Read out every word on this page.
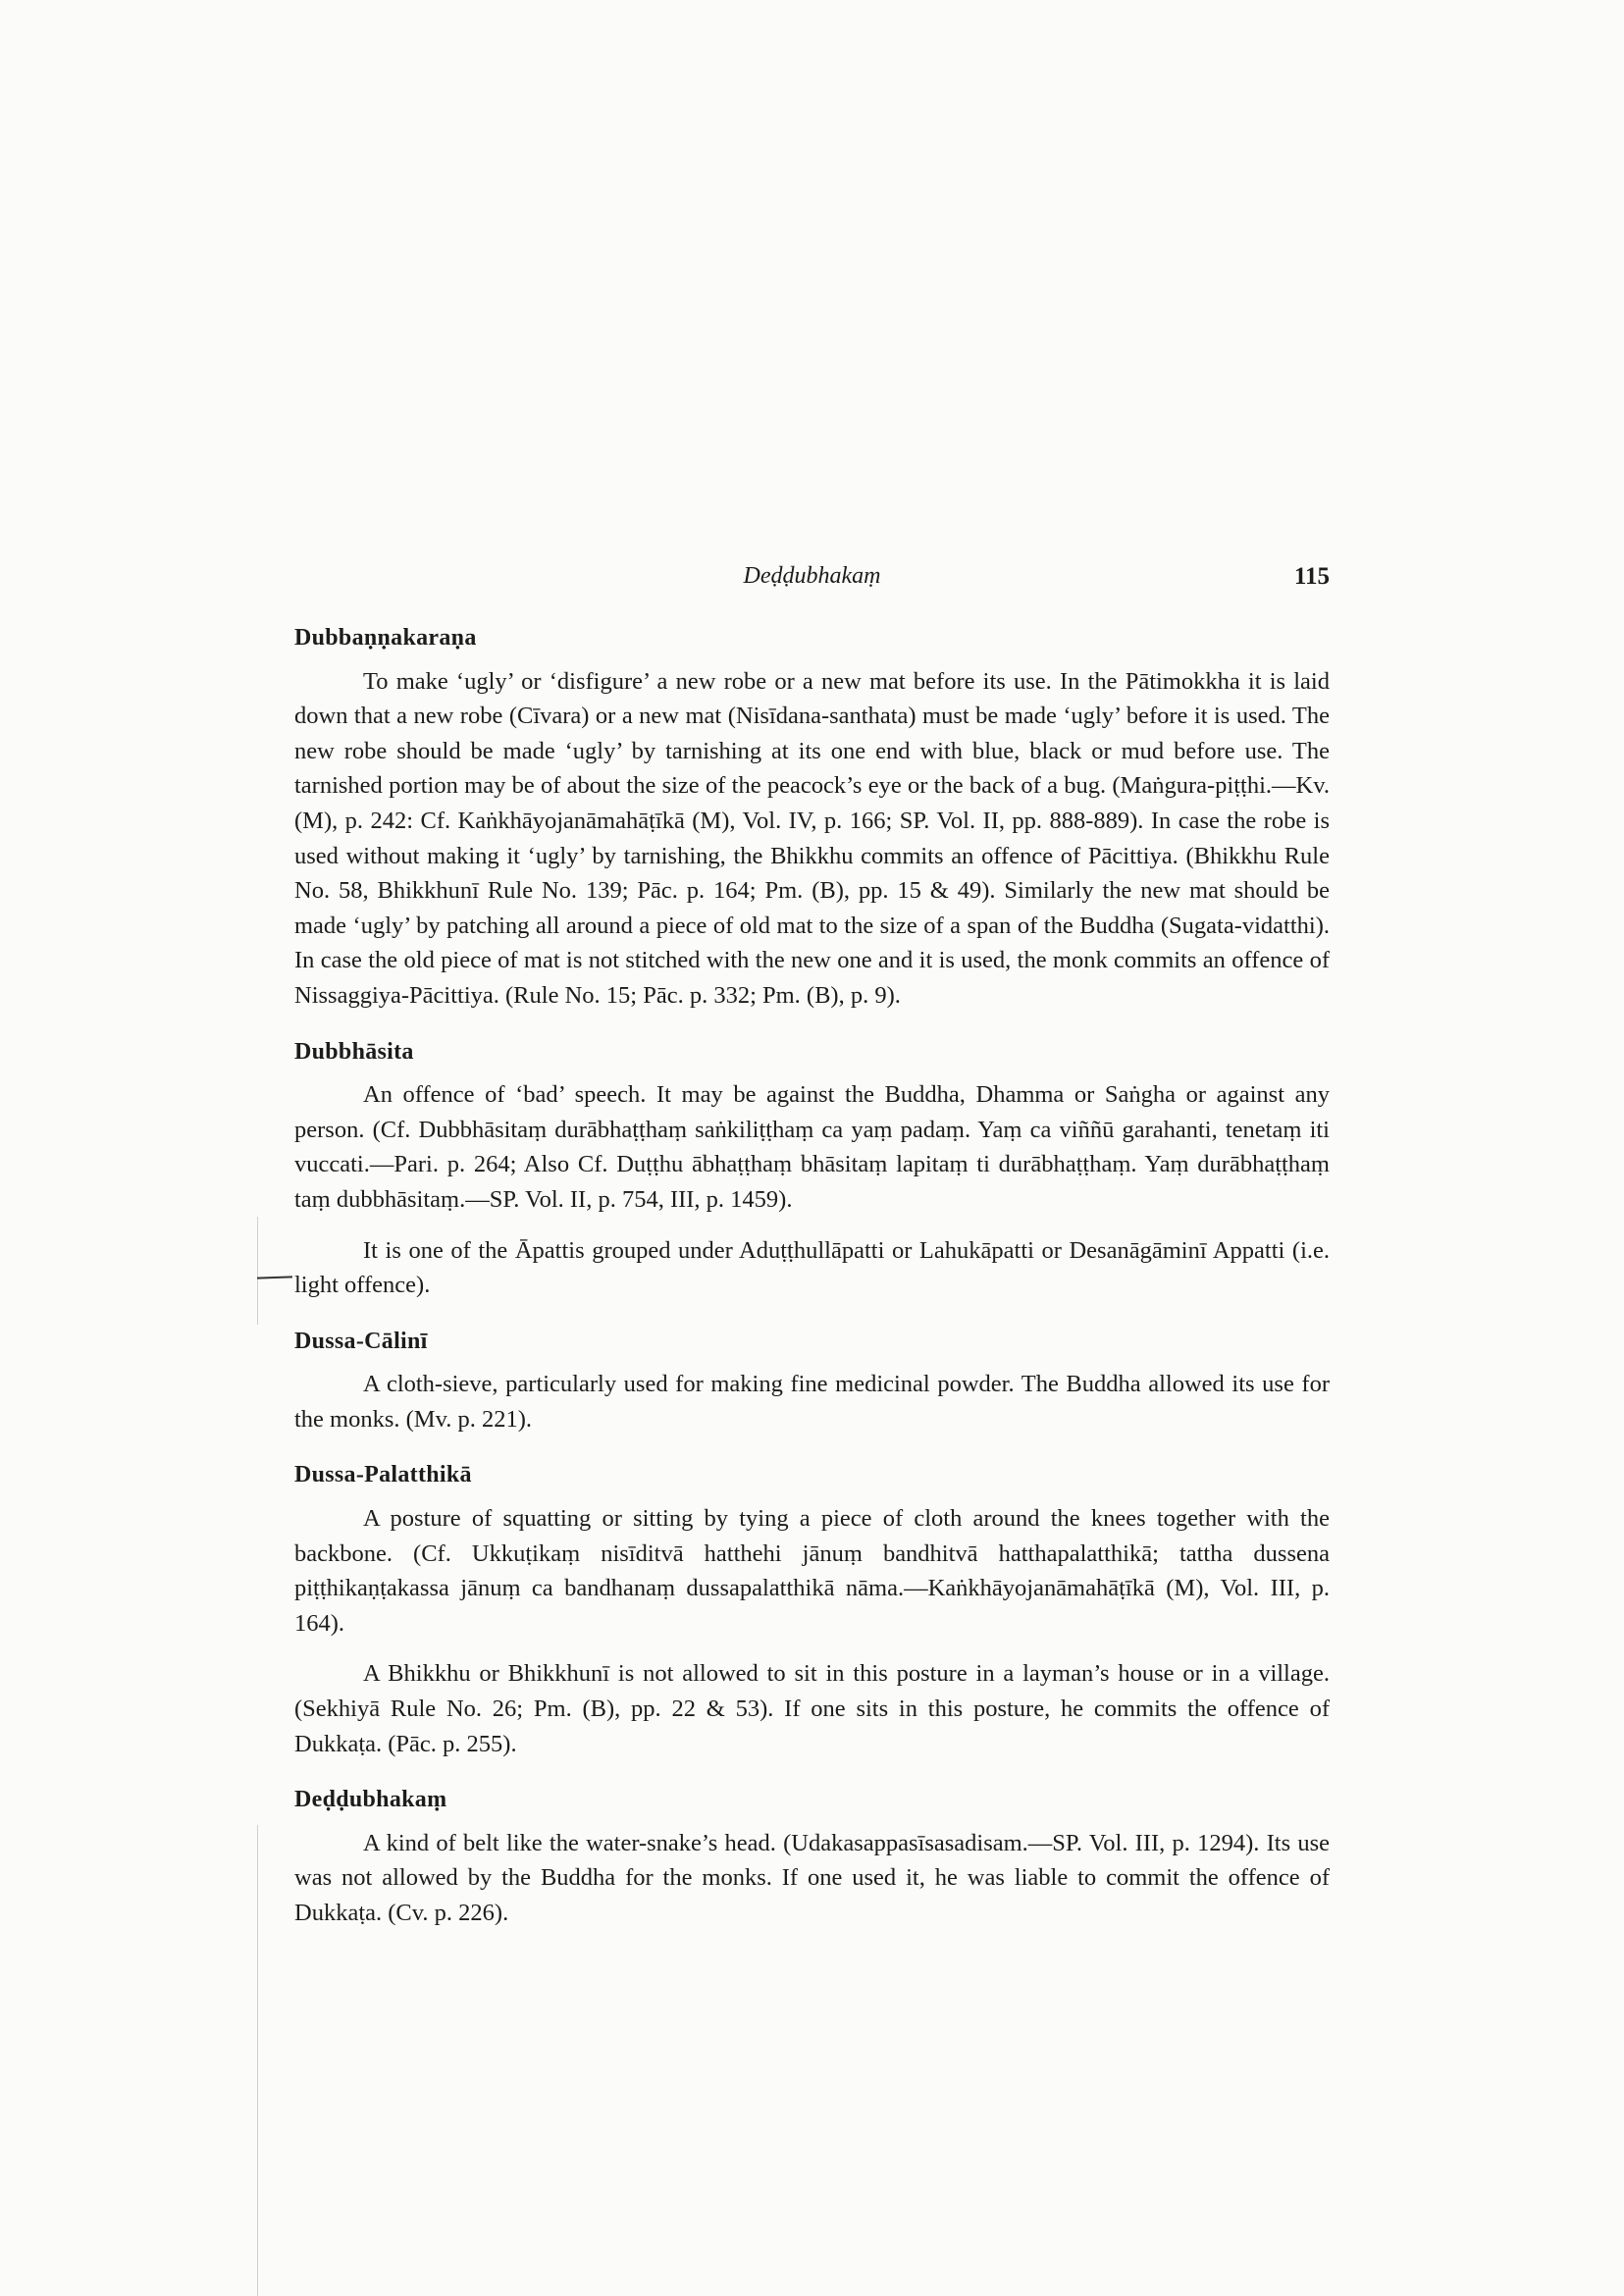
Deḍḍubhakaṃ	115
Dubbaṇṇakaraṇa

To make ‘ugly’ or ‘disfigure’ a new robe or a new mat before its use. In the Pātimokkha it is laid down that a new robe (Cīvara) or a new mat (Nisīdana-santhata) must be made ‘ugly’ before it is used. The new robe should be made ‘ugly’ by tarnishing at its one end with blue, black or mud before use. The tarnished portion may be of about the size of the peacock’s eye or the back of a bug. (Maṅgura-piṭṭhi.—Kv. (M), p. 242: Cf. Kaṅkhāyojanāmahāṭīkā (M), Vol. IV, p. 166; SP. Vol. II, pp. 888-889). In case the robe is used without making it ‘ugly’ by tarnishing, the Bhikkhu commits an offence of Pācittiya. (Bhikkhu Rule No. 58, Bhikkhunī Rule No. 139; Pāc. p. 164; Pm. (B), pp. 15 & 49). Similarly the new mat should be made ‘ugly’ by patching all around a piece of old mat to the size of a span of the Buddha (Sugata-vidatthi). In case the old piece of mat is not stitched with the new one and it is used, the monk commits an offence of Nissaggiya-Pācittiya. (Rule No. 15; Pāc. p. 332; Pm. (B), p. 9).

Dubbhāsita

An offence of ‘bad’ speech. It may be against the Buddha, Dhamma or Saṅgha or against any person. (Cf. Dubbhāsitaṃ durābhaṭṭhaṃ saṅkiliṭṭhaṃ ca yaṃ padaṃ. Yaṃ ca viññū garahanti, tenetaṃ iti vuccati.—Pari. p. 264; Also Cf. Duṭṭhu ābhaṭṭhaṃ bhāsitaṃ lapitaṃ ti durābhaṭṭhaṃ. Yaṃ durābhaṭṭhaṃ taṃ dubbhāsitaṃ.—SP. Vol. II, p. 754, III, p. 1459).

It is one of the Āpattis grouped under Aduṭṭhullāpatti or Lahukāpatti or Desanāgāminī Appatti (i.e. light offence).

Dussa-Cālinī

A cloth-sieve, particularly used for making fine medicinal powder. The Buddha allowed its use for the monks. (Mv. p. 221).

Dussa-Palatthikā

A posture of squatting or sitting by tying a piece of cloth around the knees together with the backbone. (Cf. Ukkuṭikaṃ nisīditvā hatthehi jānuṃ bandhitvā hatthapalatthikā; tattha dussena piṭṭhikaṇṭakassa jānuṃ ca bandhanaṃ dussapalatthikā nāma.—Kaṅkhāyojanāmahāṭīkā (M), Vol. III, p. 164).

A Bhikkhu or Bhikkhunī is not allowed to sit in this posture in a layman’s house or in a village. (Sekhiyā Rule No. 26; Pm. (B), pp. 22 & 53). If one sits in this posture, he commits the offence of Dukkaṭa. (Pāc. p. 255).

Deḍḍubhakaṃ

A kind of belt like the water-snake’s head. (Udakasappasīsasadisam.—SP. Vol. III, p. 1294). Its use was not allowed by the Buddha for the monks. If one used it, he was liable to commit the offence of Dukkaṭa. (Cv. p. 226).
